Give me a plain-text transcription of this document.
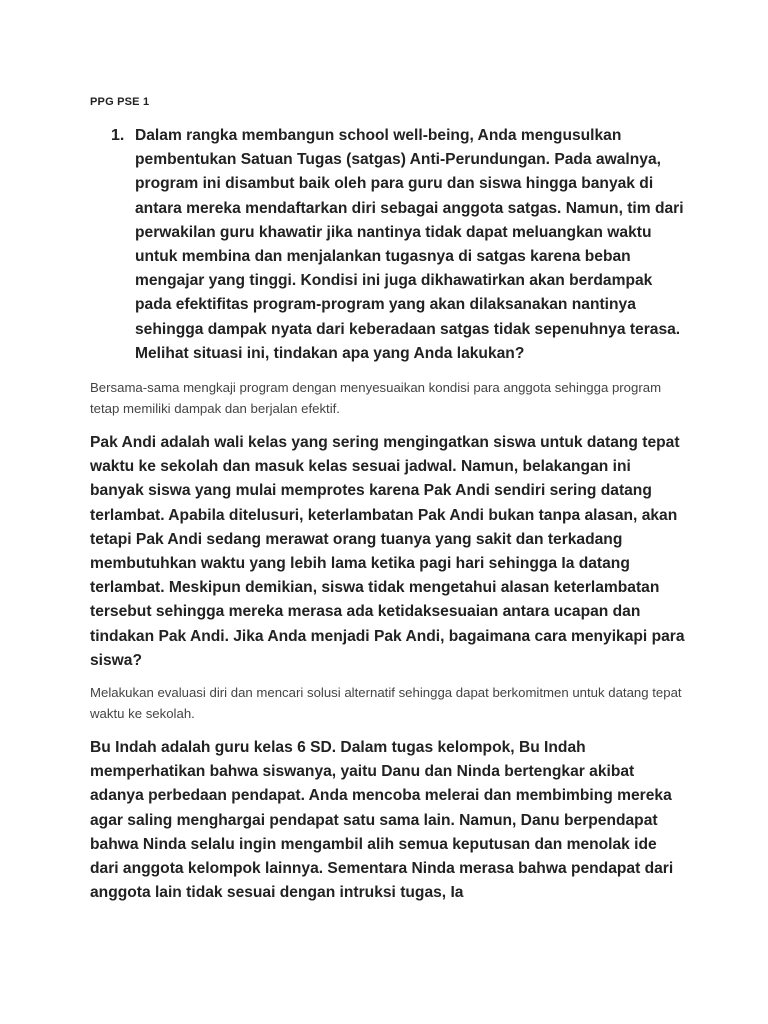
PPG PSE 1
1. Dalam rangka membangun school well-being, Anda mengusulkan pembentukan Satuan Tugas (satgas) Anti-Perundungan. Pada awalnya, program ini disambut baik oleh para guru dan siswa hingga banyak di antara mereka mendaftarkan diri sebagai anggota satgas. Namun, tim dari perwakilan guru khawatir jika nantinya tidak dapat meluangkan waktu untuk membina dan menjalankan tugasnya di satgas karena beban mengajar yang tinggi. Kondisi ini juga dikhawatirkan akan berdampak pada efektifitas program-program yang akan dilaksanakan nantinya sehingga dampak nyata dari keberadaan satgas tidak sepenuhnya terasa. Melihat situasi ini, tindakan apa yang Anda lakukan?

Bersama-sama mengkaji program dengan menyesuaikan kondisi para anggota sehingga program tetap memiliki dampak dan berjalan efektif.

Pak Andi adalah wali kelas yang sering mengingatkan siswa untuk datang tepat waktu ke sekolah dan masuk kelas sesuai jadwal. Namun, belakangan ini banyak siswa yang mulai memprotes karena Pak Andi sendiri sering datang terlambat. Apabila ditelusuri, keterlambatan Pak Andi bukan tanpa alasan, akan tetapi Pak Andi sedang merawat orang tuanya yang sakit dan terkadang membutuhkan waktu yang lebih lama ketika pagi hari sehingga Ia datang terlambat. Meskipun demikian, siswa tidak mengetahui alasan keterlambatan tersebut sehingga mereka merasa ada ketidaksesuaian antara ucapan dan tindakan Pak Andi. Jika Anda menjadi Pak Andi, bagaimana cara menyikapi para siswa?

Melakukan evaluasi diri dan mencari solusi alternatif sehingga dapat berkomitmen untuk datang tepat waktu ke sekolah.

Bu Indah adalah guru kelas 6 SD. Dalam tugas kelompok, Bu Indah memperhatikan bahwa siswanya, yaitu Danu dan Ninda bertengkar akibat adanya perbedaan pendapat. Anda mencoba melerai dan membimbing mereka agar saling menghargai pendapat satu sama lain. Namun, Danu berpendapat bahwa Ninda selalu ingin mengambil alih semua keputusan dan menolak ide dari anggota kelompok lainnya. Sementara Ninda merasa bahwa pendapat dari anggota lain tidak sesuai dengan intruksi tugas, Ia
